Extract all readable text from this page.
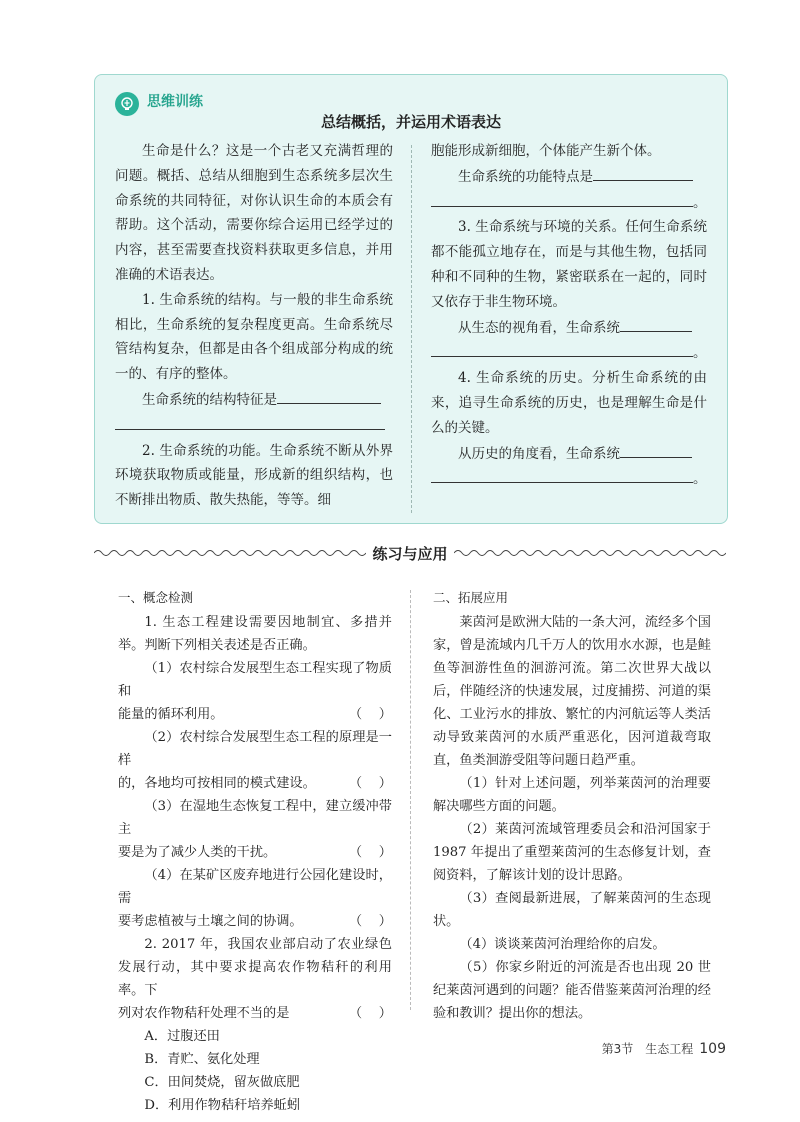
思维训练
总结概括，并运用术语表达

生命是什么？这是一个古老又充满哲理的问题。概括、总结从细胞到生态系统多层次生命系统的共同特征，对你认识生命的本质会有帮助。这个活动，需要你综合运用已经学过的内容，甚至需要查找资料获取更多信息，并用准确的术语表达。

1. 生命系统的结构。与一般的非生命系统相比，生命系统的复杂程度更高。生命系统尽管结构复杂，但都是由各个组成部分构成的统一的、有序的整体。

生命系统的结构特征是

2. 生命系统的功能。生命系统不断从外界环境获取物质或能量，形成新的组织结构，也不断排出物质、散失热能，等等。细

胞能形成新细胞，个体能产生新个体。

生命系统的功能特点是

。

3. 生命系统与环境的关系。任何生命系统都不能孤立地存在，而是与其他生物，包括同种和不同种的生物，紧密联系在一起的，同时又依存于非生物环境。

从生态的视角看，生命系统

。

4. 生命系统的历史。分析生命系统的由来，追寻生命系统的历史，也是理解生命是什么的关键。

从历史的角度看，生命系统

。

练习与应用
一、概念检测

1. 生态工程建设需要因地制宜、多措并举。判断下列相关表述是否正确。

（1）农村综合发展型生态工程实现了物质和

能量的循环利用。	（    ）

（2）农村综合发展型生态工程的原理是一样

的，各地均可按相同的模式建设。	（    ）

（3）在湿地生态恢复工程中，建立缓冲带主

要是为了减少人类的干扰。	（    ）

（4）在某矿区废弃地进行公园化建设时，需

要考虑植被与土壤之间的协调。	（    ）

2. 2017 年，我国农业部启动了农业绿色发展行动，其中要求提高农作物秸秆的利用率。下

列对农作物秸秆处理不当的是	（    ）
A．过腹还田
B．青贮、氨化处理
C．田间焚烧，留灰做底肥
D．利用作物秸秆培养蚯蚓
二、拓展应用

莱茵河是欧洲大陆的一条大河，流经多个国家，曾是流域内几千万人的饮用水水源，也是鲑鱼等洄游性鱼的洄游河流。第二次世界大战以后，伴随经济的快速发展，过度捕捞、河道的渠化、工业污水的排放、繁忙的内河航运等人类活动导致莱茵河的水质严重恶化，因河道裁弯取直，鱼类洄游受阻等问题日趋严重。

（1）针对上述问题，列举莱茵河的治理要解决哪些方面的问题。

（2）莱茵河流域管理委员会和沿河国家于 1987 年提出了重塑莱茵河的生态修复计划，查阅资料，了解该计划的设计思路。

（3）查阅最新进展，了解莱茵河的生态现状。

（4）谈谈莱茵河治理给你的启发。

（5）你家乡附近的河流是否也出现 20 世纪莱茵河遇到的问题？能否借鉴莱茵河治理的经验和教训？提出你的想法。

第3节　生态工程 109
